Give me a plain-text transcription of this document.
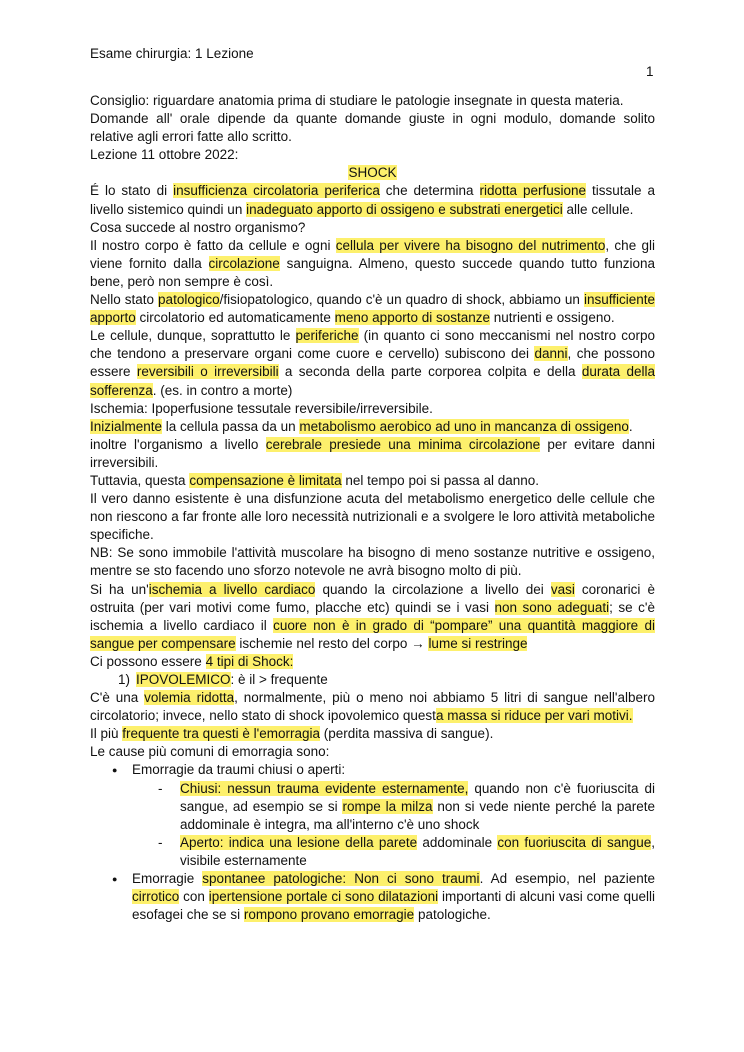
Esame chirurgia: 1 Lezione
1

Consiglio: riguardare anatomia prima di studiare le patologie insegnate in questa materia.

Domande all' orale dipende da quante domande giuste in ogni modulo, domande solito relative agli errori fatte allo scritto.

Lezione 11 ottobre 2022:

SHOCK

É lo stato di insufficienza circolatoria periferica che determina ridotta perfusione tissutale a livello sistemico quindi un inadeguato apporto di ossigeno e substrati energetici alle cellule.

Cosa succede al nostro organismo?

Il nostro corpo è fatto da cellule e ogni cellula per vivere ha bisogno del nutrimento, che gli viene fornito dalla circolazione sanguigna. Almeno, questo succede quando tutto funziona bene, però non sempre è così.

Nello stato patologico/fisiopatologico, quando c'è un quadro di shock, abbiamo un insufficiente apporto circolatorio ed automaticamente meno apporto di sostanze nutrienti e ossigeno.

Le cellule, dunque, soprattutto le periferiche (in quanto ci sono meccanismi nel nostro corpo che tendono a preservare organi come cuore e cervello) subiscono dei danni, che possono essere reversibili o irreversibili a seconda della parte corporea colpita e della durata della sofferenza. (es. in contro a morte)

Ischemia: Ipoperfusione tessutale reversibile/irreversibile.

Inizialmente la cellula passa da un metabolismo aerobico ad uno in mancanza di ossigeno.

inoltre l'organismo a livello cerebrale presiede una minima circolazione per evitare danni irreversibili.

Tuttavia, questa compensazione è limitata nel tempo poi si passa al danno.

Il vero danno esistente è una disfunzione acuta del metabolismo energetico delle cellule che non riescono a far fronte alle loro necessità nutrizionali e a svolgere le loro attività metaboliche specifiche.

NB: Se sono immobile l'attività muscolare ha bisogno di meno sostanze nutritive e ossigeno, mentre se sto facendo uno sforzo notevole ne avrà bisogno molto di più.

Si ha un'ischemia a livello cardiaco quando la circolazione a livello dei vasi coronarici è ostruita (per vari motivi come fumo, placche etc) quindi se i vasi non sono adeguati; se c'è ischemia a livello cardiaco il cuore non è in grado di “pompare” una quantità maggiore di sangue per compensare ischemie nel resto del corpo → lume si restringe

Ci possono essere 4 tipi di Shock:

1) IPOVOLEMICO: è il > frequente

C'è una volemia ridotta, normalmente, più o meno noi abbiamo 5 litri di sangue nell'albero circolatorio; invece, nello stato di shock ipovolemico questa massa si riduce per vari motivi.

Il più frequente tra questi è l'emorragia (perdita massiva di sangue).

Le cause più comuni di emorragia sono:

● Emorragie da traumi chiusi o aperti:
- Chiusi: nessun trauma evidente esternamente, quando non c'è fuoriuscita di sangue, ad esempio se si rompe la milza non si vede niente perché la parete addominale è integra, ma all'interno c'è uno shock
- Aperto: indica una lesione della parete addominale con fuoriuscita di sangue, visibile esternamente
● Emorragie spontanee patologiche: Non ci sono traumi. Ad esempio, nel paziente cirrotico con ipertensione portale ci sono dilatazioni importanti di alcuni vasi come quelli esofagei che se si rompono provano emorragie patologiche.
